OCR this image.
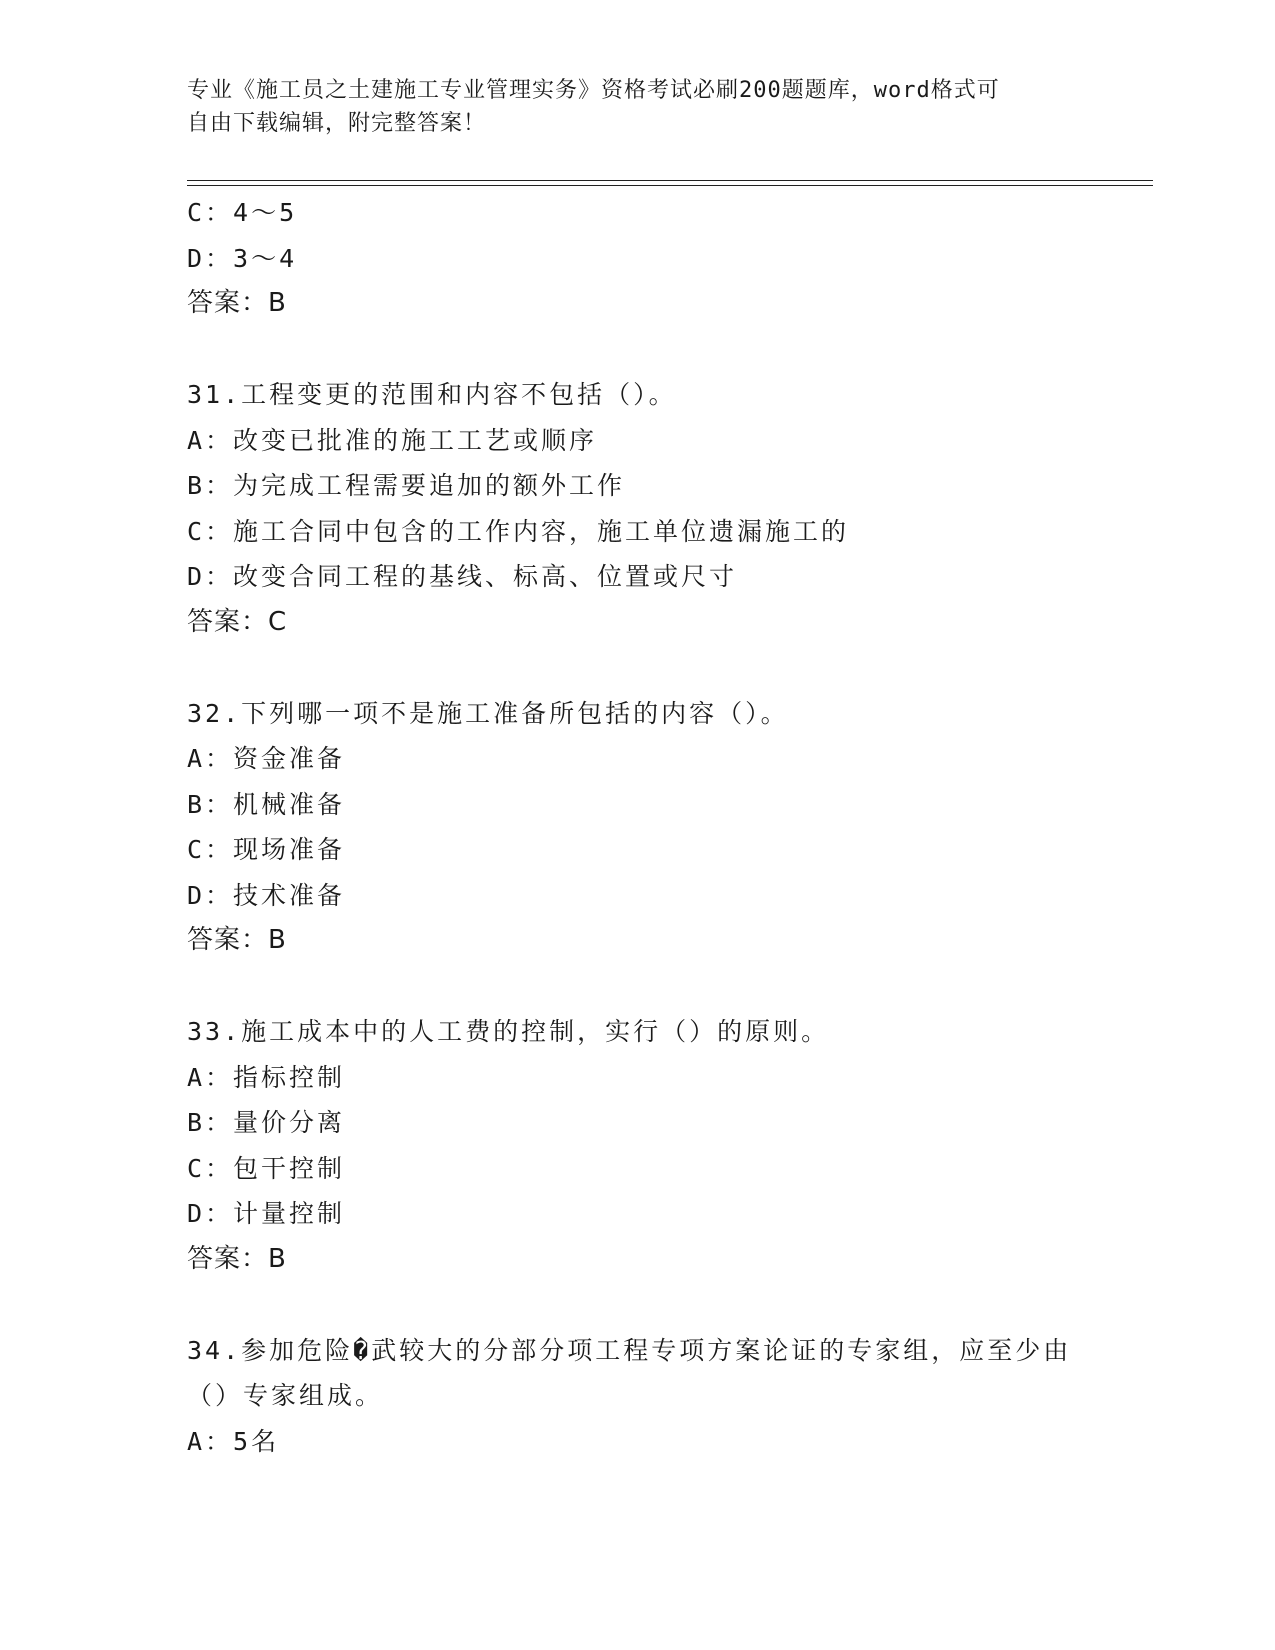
专业《施工员之土建施工专业管理实务》资格考试必刷200题题库，word格式可
自由下载编辑，附完整答案！
C：4～5
D：3～4
答案：B
31.工程变更的范围和内容不包括（）。
A：改变已批准的施工工艺或顺序
B：为完成工程需要追加的额外工作
C：施工合同中包含的工作内容，施工单位遗漏施工的
D：改变合同工程的基线、标高、位置或尺寸
答案：C
32.下列哪一项不是施工准备所包括的内容（）。
A：资金准备
B：机械准备
C：现场准备
D：技术准备
答案：B
33.施工成本中的人工费的控制，实行（）的原则。
A：指标控制
B：量价分离
C：包干控制
D：计量控制
答案：B
34.参加危险�武较大的分部分项工程专项方案论证的专家组，应至少由
（）专家组成。
A：5名
